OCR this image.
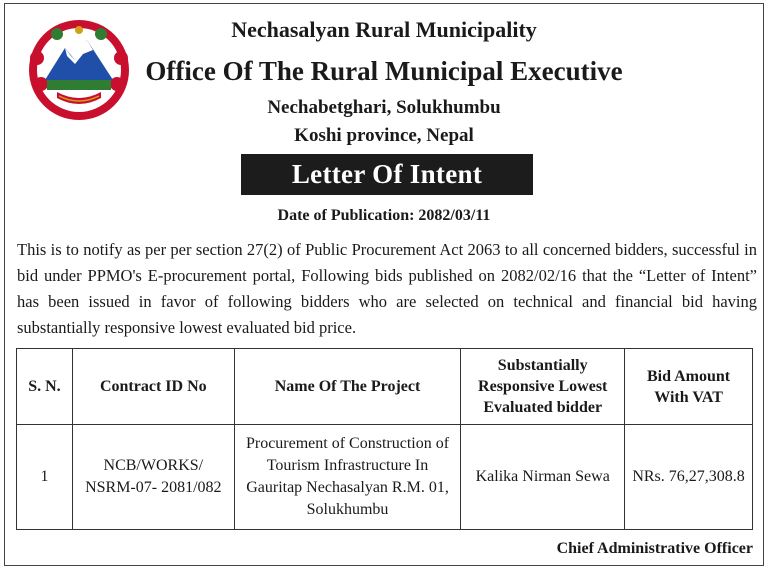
Nechasalyan Rural Municipality
Office Of The Rural Municipal Executive
Nechabetghari, Solukhumbu
Koshi province, Nepal
Letter Of Intent
Date of Publication: 2082/03/11
This is to notify as per per section 27(2) of Public Procurement Act 2063 to all concerned bidders, successful in bid under PPMO's E-procurement portal, Following bids published on 2082/02/16 that the “Letter of Intent” has been issued in favor of following bidders who are selected on technical and financial bid having substantially responsive lowest evaluated bid price.
S. N.	Contract ID No	Name Of The Project	Substantially Responsive Lowest Evaluated bidder	Bid Amount With VAT
1	NCB/WORKS/ NSRM-07- 2081/082	Procurement of Construction of Tourism Infrastructure In Gauritap Nechasalyan R.M. 01, Solukhumbu	Kalika Nirman Sewa	NRs. 76,27,308.8
Chief Administrative Officer
